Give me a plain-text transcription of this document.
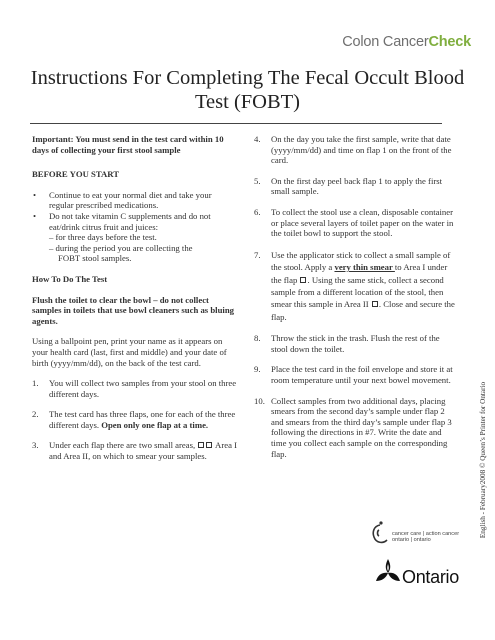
Colon CancerCheck
Instructions For Completing The Fecal Occult Blood Test (FOBT)
Important: You must send in the test card within 10 days of collecting your first stool sample
BEFORE YOU START
• Continue to eat your normal diet and take your regular prescribed medications.
• Do not take vitamin C supplements and do not eat/drink citrus fruit and juices:
– for three days before the test.
– during the period you are collecting the
FOBT stool samples.
How To Do The Test
Flush the toilet to clear the bowl – do not collect samples in toilets that use bowl cleaners such as bluing agents.
Using a ballpoint pen, print your name as it appears on your health card (last, first and middle) and your date of birth (yyyy/mm/dd), on the back of the test card.
1. You will collect two samples from your stool on three different days.
2. The test card has three flaps, one for each of the three different days. Open only one flap at a time.
3. Under each flap there are two small areas, Area I and Area II, on which to smear your samples.
4. On the day you take the first sample, write that date (yyyy/mm/dd) and time on flap 1 on the front of the card.
5. On the first day peel back flap 1 to apply the first small sample.
6. To collect the stool use a clean, disposable container or place several layers of toilet paper on the water in the toilet bowl to support the stool.
7. Use the applicator stick to collect a small sample of the stool. Apply a very thin smear to Area I under the flap . Using the same stick, collect a second sample from a different location of the stool, then smear this sample in Area II . Close and secure the flap.
8. Throw the stick in the trash. Flush the rest of the stool down the toilet.
9. Place the test card in the foil envelope and store it at room temperature until your next bowel movement.
10. Collect samples from two additional days, placing smears from the second day’s sample under flap 2 and smears from the third day’s sample under flap 3 following the directions in #7. Write the date and time you collect each sample on the corresponding flap.	English - February2008 © Queen’s Printer for Ontario
cancer care | action cancer
ontario | ontario
Ontario
